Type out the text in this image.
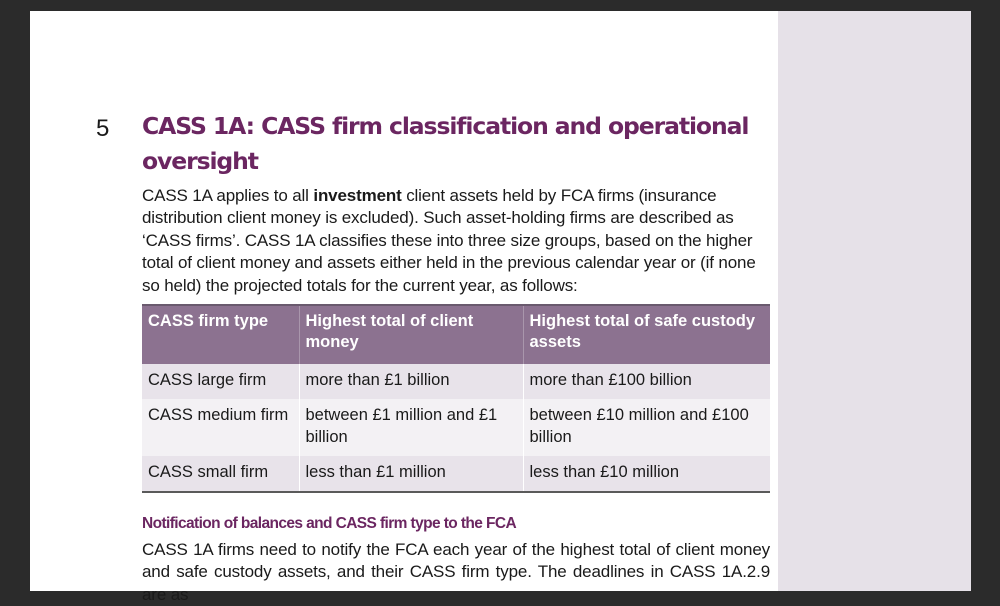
5 CASS 1A: CASS firm classification and operational oversight

CASS 1A applies to all investment client assets held by FCA firms (insurance distribution client money is excluded). Such asset-holding firms are described as ‘CASS firms’. CASS 1A classifies these into three size groups, based on the higher total of client money and assets either held in the previous calendar year or (if none so held) the projected totals for the current year, as follows:

CASS firm type	Highest total of client money	Highest total of safe custody assets
CASS large firm	more than £1 billion	more than £100 billion
CASS medium firm	between £1 million and £1 billion	between £10 million and £100 billion
CASS small firm	less than £1 million	less than £10 million
Notification of balances and CASS firm type to the FCA

CASS 1A firms need to notify the FCA each year of the highest total of client money and safe custody assets, and their CASS firm type. The deadlines in CASS 1A.2.9 are as
